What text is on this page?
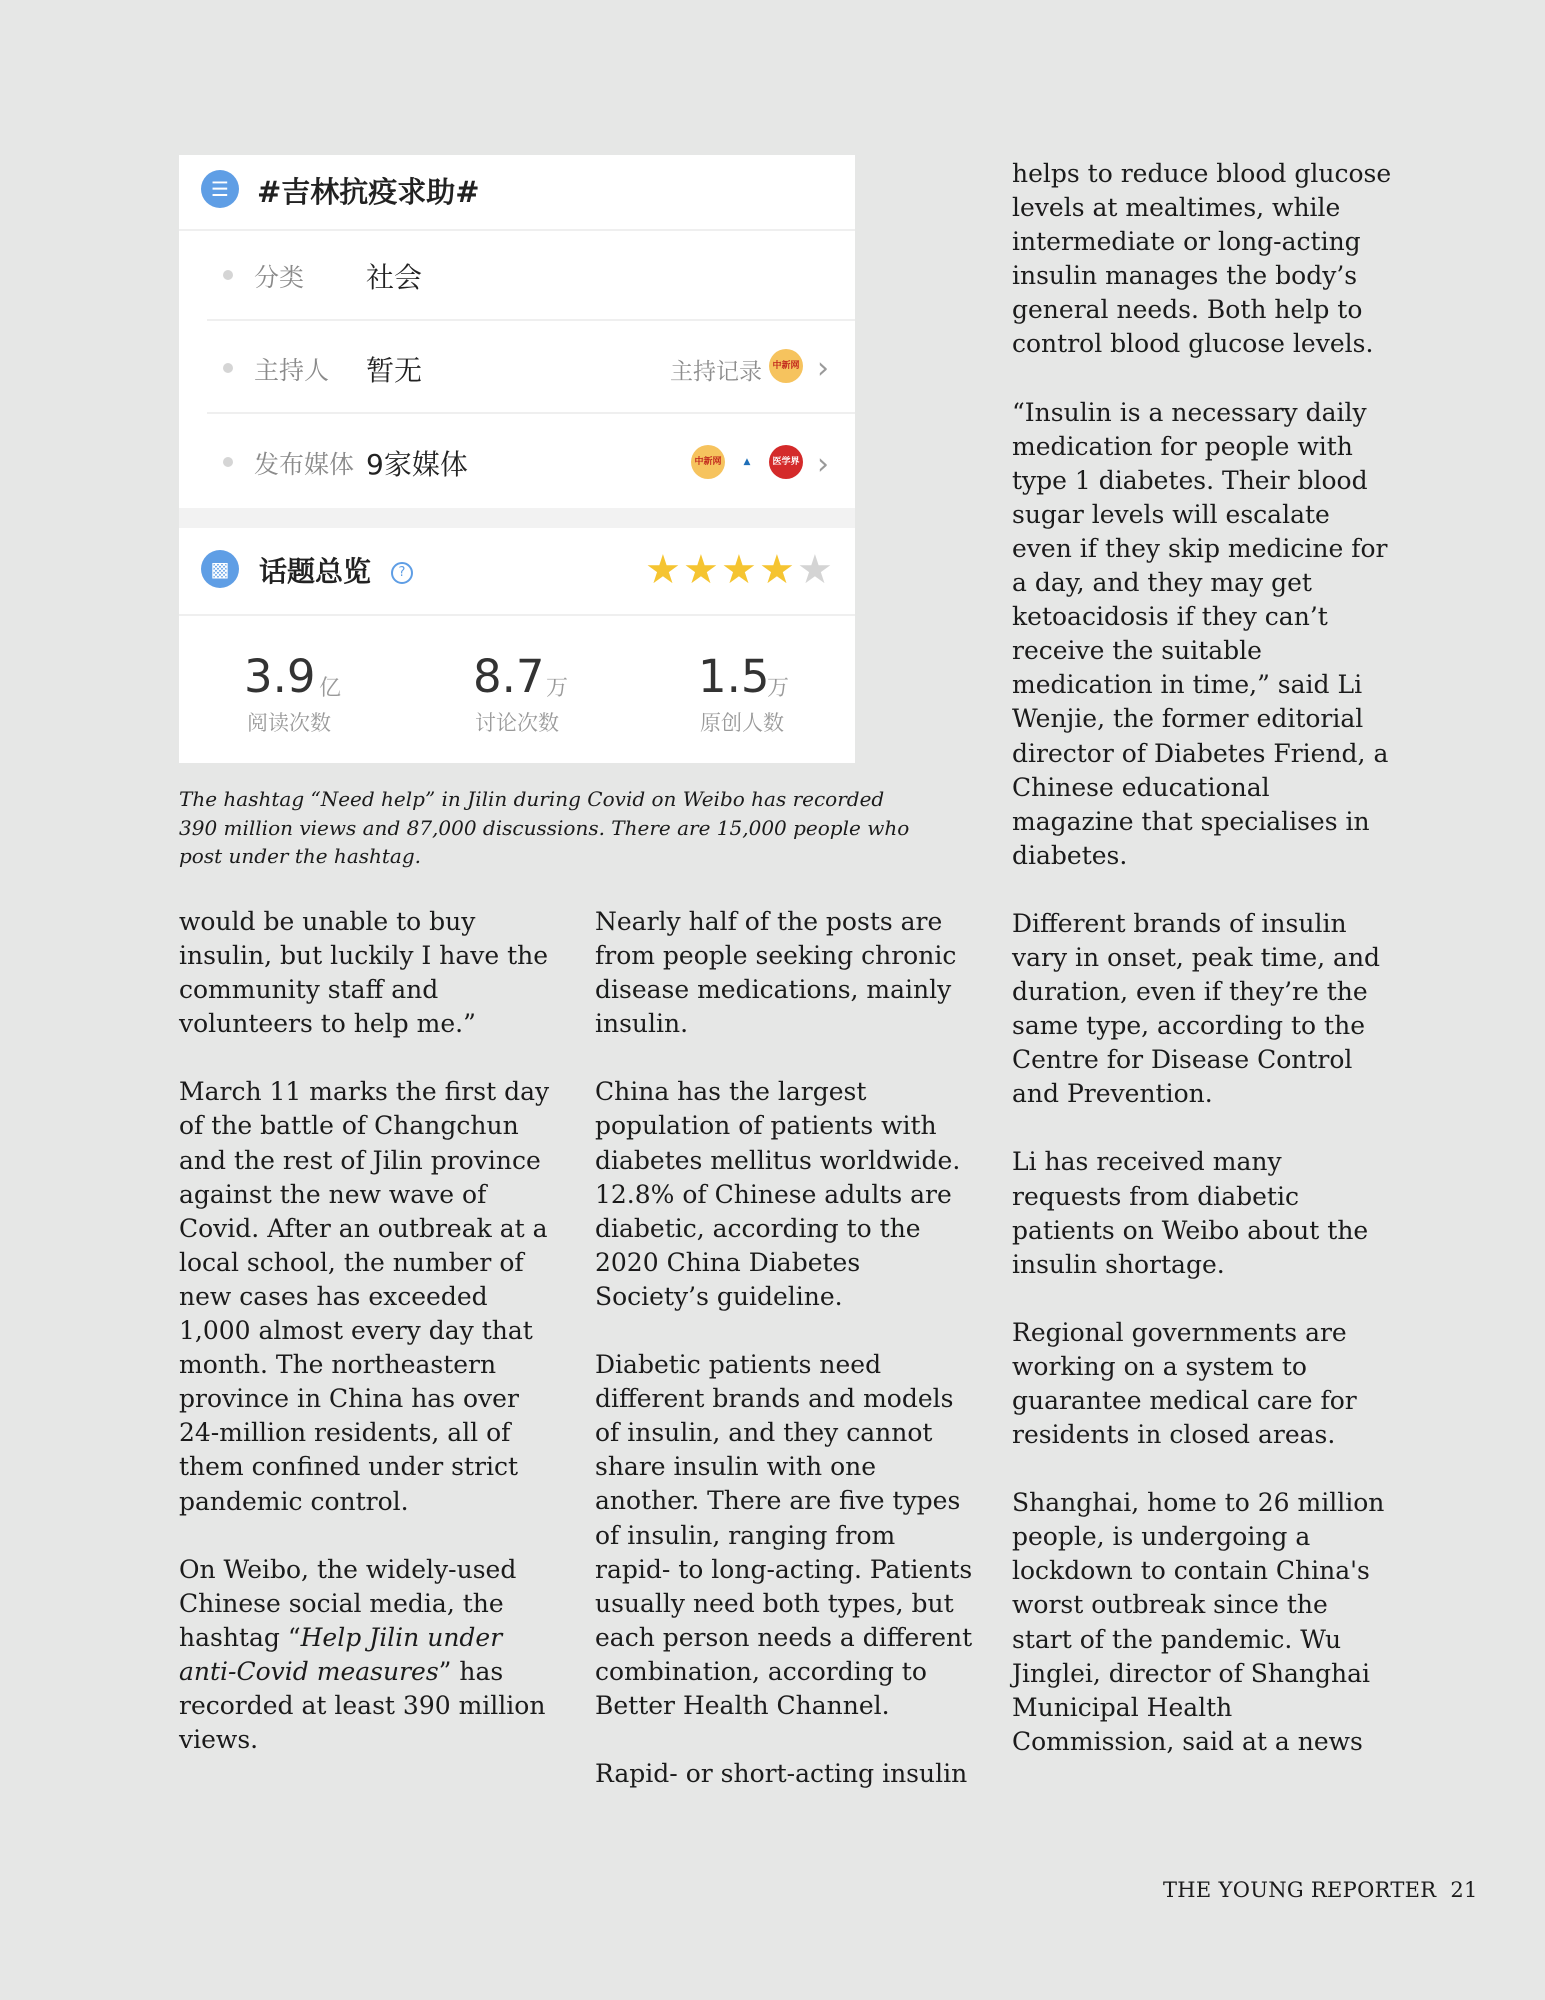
☰ #吉林抗疫求助#
分类 社会
主持人 暂无	主持记录	中新网 ›
发布媒体 9家媒体	中新网	▲	医学界 ›
▩	话题总览	?	★ ★ ★ ★ ★
3.9 亿
阅读次数
8.7 万
讨论次数
1.5
万
原创人数
The hashtag “Need help” in Jilin during Covid on Weibo has recorded 390 million views and 87,000 discussions. There are 15,000 people who post under the hashtag.

would be unable to buy insulin, but luckily I have the community staff and volunteers to help me.”

March 11 marks the first day of the battle of Changchun and the rest of Jilin province against the new wave of Covid. After an outbreak at a local school, the number of new cases has exceeded 1,000 almost every day that month. The northeastern province in China has over 24-million residents, all of them confined under strict pandemic control.

On Weibo, the widely-used Chinese social media, the hashtag “Help Jilin under anti-Covid measures” has recorded at least 390 million views.

Nearly half of the posts are from people seeking chronic disease medications, mainly insulin.

China has the largest population of patients with diabetes mellitus worldwide. 12.8% of Chinese adults are diabetic, according to the 2020 China Diabetes Society’s guideline.

Diabetic patients need different brands and models of insulin, and they cannot share insulin with one another. There are five types of insulin, ranging from rapid- to long-acting. Patients usually need both types, but each person needs a different combination, according to Better Health Channel.

Rapid- or short-acting insulin

helps to reduce blood glucose levels at mealtimes, while intermediate or long-acting insulin manages the body’s general needs. Both help to control blood glucose levels.

“Insulin is a necessary daily medication for people with type 1 diabetes. Their blood sugar levels will escalate even if they skip medicine for a day, and they may get ketoacidosis if they can’t receive the suitable medication in time,” said Li Wenjie, the former editorial director of Diabetes Friend, a Chinese educational magazine that specialises in diabetes.

Different brands of insulin vary in onset, peak time, and duration, even if they’re the same type, according to the Centre for Disease Control and Prevention.

Li has received many requests from diabetic patients on Weibo about the insulin shortage.

Regional governments are working on a system to guarantee medical care for residents in closed areas.

Shanghai, home to 26 million people, is undergoing a lockdown to contain China's worst outbreak since the start of the pandemic. Wu Jinglei, director of Shanghai Municipal Health Commission, said at a news

THE YOUNG REPORTER 21
